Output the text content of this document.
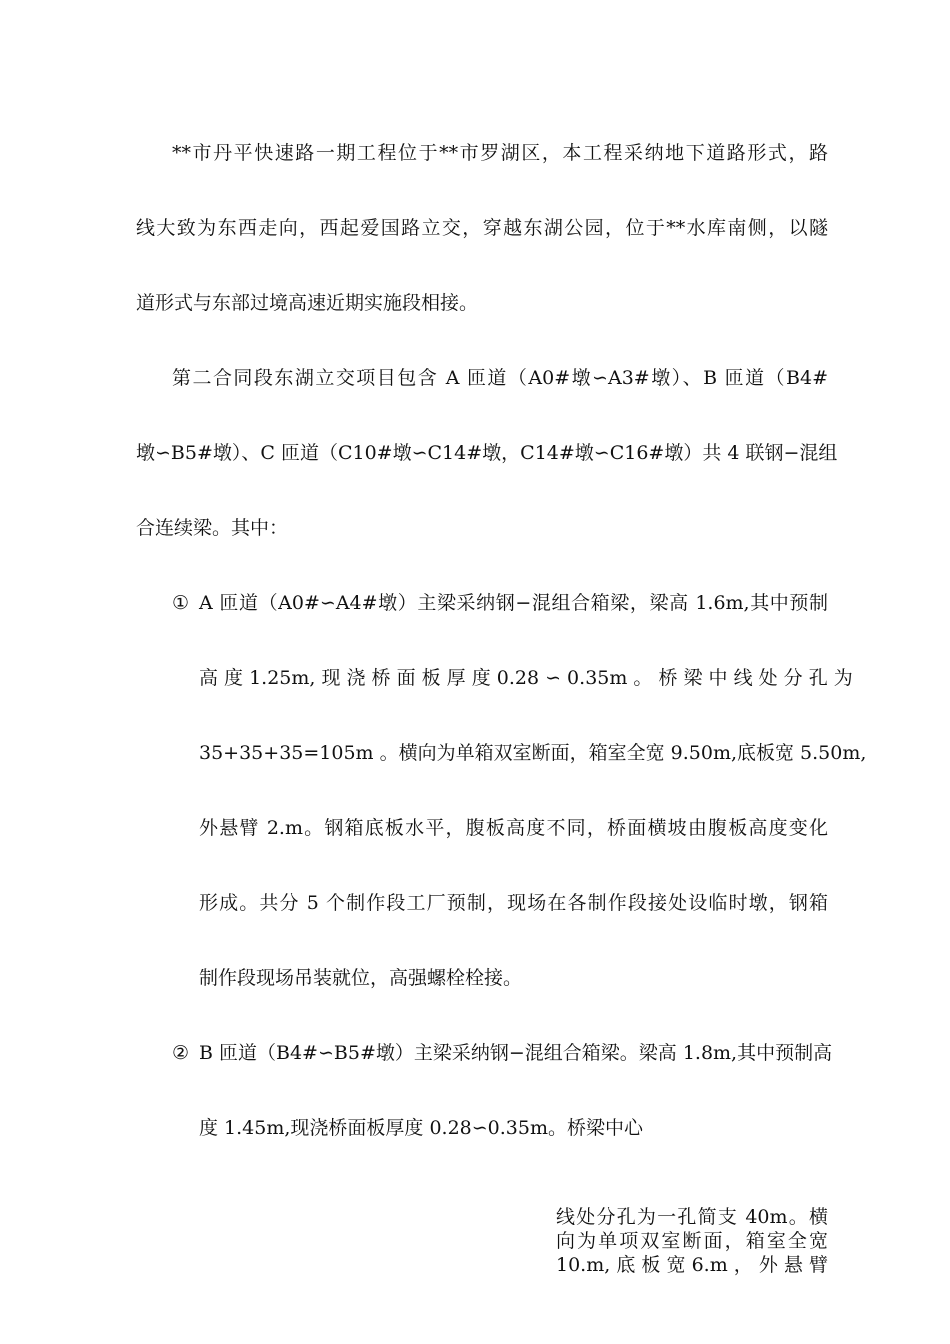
**市丹平快速路一期工程位于**市罗湖区，本工程采纳地下道路形式，路
线大致为东西走向，西起爱国路立交，穿越东湖公园，位于**水库南侧，以隧
道形式与东部过境高速近期实施段相接。
第二合同段东湖立交项目包含 A 匝道（A0#墩∽A3#墩）、B 匝道（B4#
墩∽B5#墩）、C 匝道（C10#墩∽C14#墩，C14#墩∽C16#墩）共 4 联钢−混组
合连续梁。其中：
① A 匝道（A0#∽A4#墩）主梁采纳钢−混组合箱梁，梁高 1.6m,其中预制
高 度 1.25m, 现 浇 桥 面 板 厚 度 0.28 ∽ 0.35m 。 桥 梁 中 线 处 分 孔 为
35+35+35=105m 。横向为单箱双室断面，箱室全宽 9.50m,底板宽 5.50m,
外悬臂 2.m。钢箱底板水平，腹板高度不同，桥面横坡由腹板高度变化
形成。共分 5 个制作段工厂预制，现场在各制作段接处设临时墩，钢箱
制作段现场吊装就位，高强螺栓栓接。
② B 匝道（B4#∽B5#墩）主梁采纳钢−混组合箱梁。梁高 1.8m,其中预制高
度 1.45m,现浇桥面板厚度 0.28∽0.35m。桥梁中心
线处分孔为一孔简支 40m。横
向为单项双室断面，箱室全宽
10.m, 底 板 宽 6.m ， 外 悬 臂
